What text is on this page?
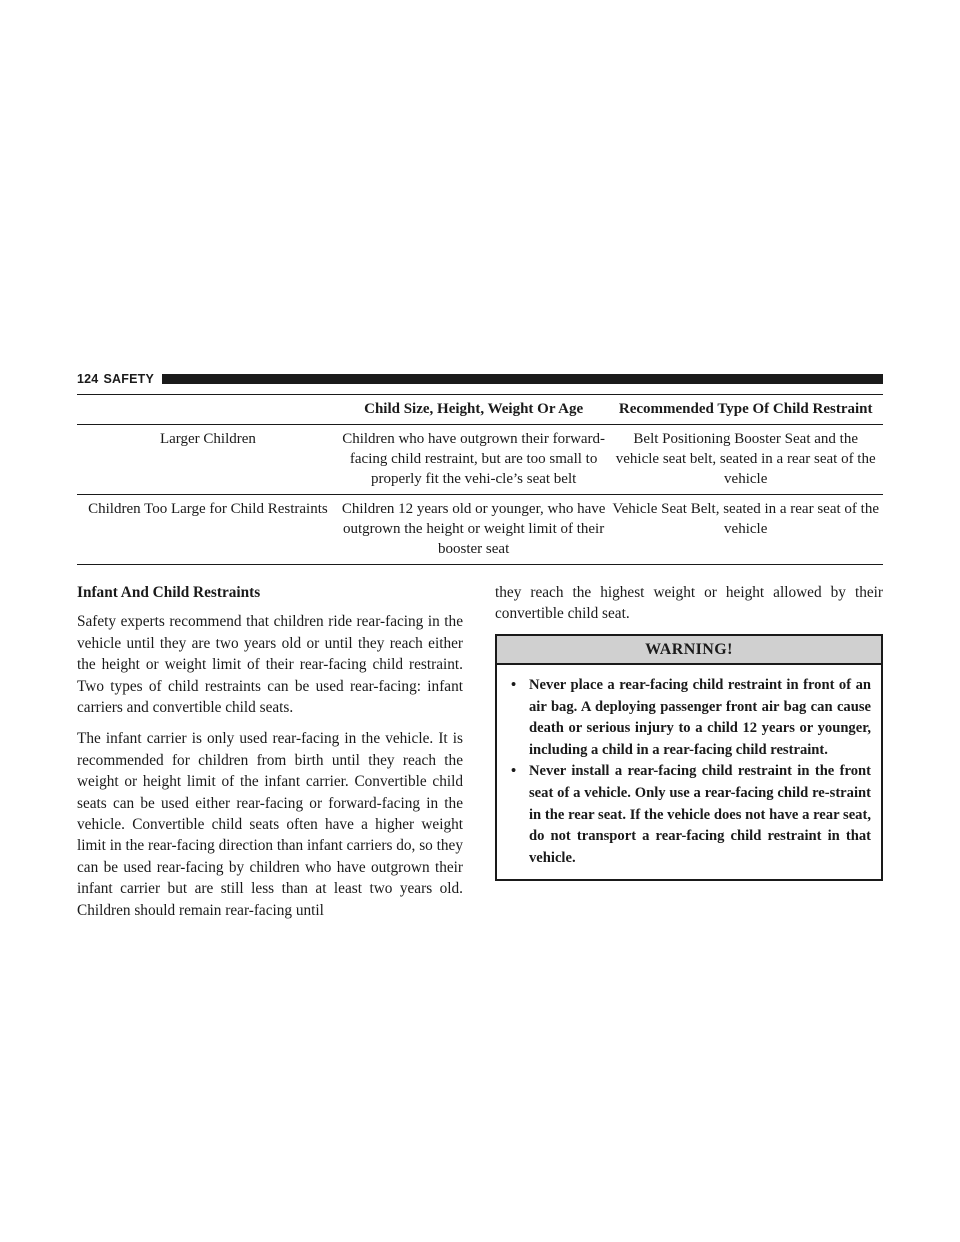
124 SAFETY
	Child Size, Height, Weight Or Age	Recommended Type Of Child Restraint
Larger Children	Children who have outgrown their forward-facing child restraint, but are too small to properly fit the vehi-cle’s seat belt	Belt Positioning Booster Seat and the vehicle seat belt, seated in a rear seat of the vehicle
Children Too Large for Child Restraints	Children 12 years old or younger, who have outgrown the height or weight limit of their booster seat	Vehicle Seat Belt, seated in a rear seat of the vehicle
Infant And Child Restraints

Safety experts recommend that children ride rear-facing in the vehicle until they are two years old or until they reach either the height or weight limit of their rear-facing child restraint. Two types of child restraints can be used rear-facing: infant carriers and convertible child seats.

The infant carrier is only used rear-facing in the vehicle. It is recommended for children from birth until they reach the weight or height limit of the infant carrier. Convertible child seats can be used either rear-facing or forward-facing in the vehicle. Convertible child seats often have a higher weight limit in the rear-facing direction than infant carriers do, so they can be used rear-facing by children who have outgrown their infant carrier but are still less than at least two years old. Children should remain rear-facing until

they reach the highest weight or height allowed by their convertible child seat.

WARNING!
• Never place a rear-facing child restraint in front of an air bag. A deploying passenger front air bag can cause death or serious injury to a child 12 years or younger, including a child in a rear-facing child restraint.
• Never install a rear-facing child restraint in the front seat of a vehicle. Only use a rear-facing child re-straint in the rear seat. If the vehicle does not have a rear seat, do not transport a rear-facing child restraint in that vehicle.
